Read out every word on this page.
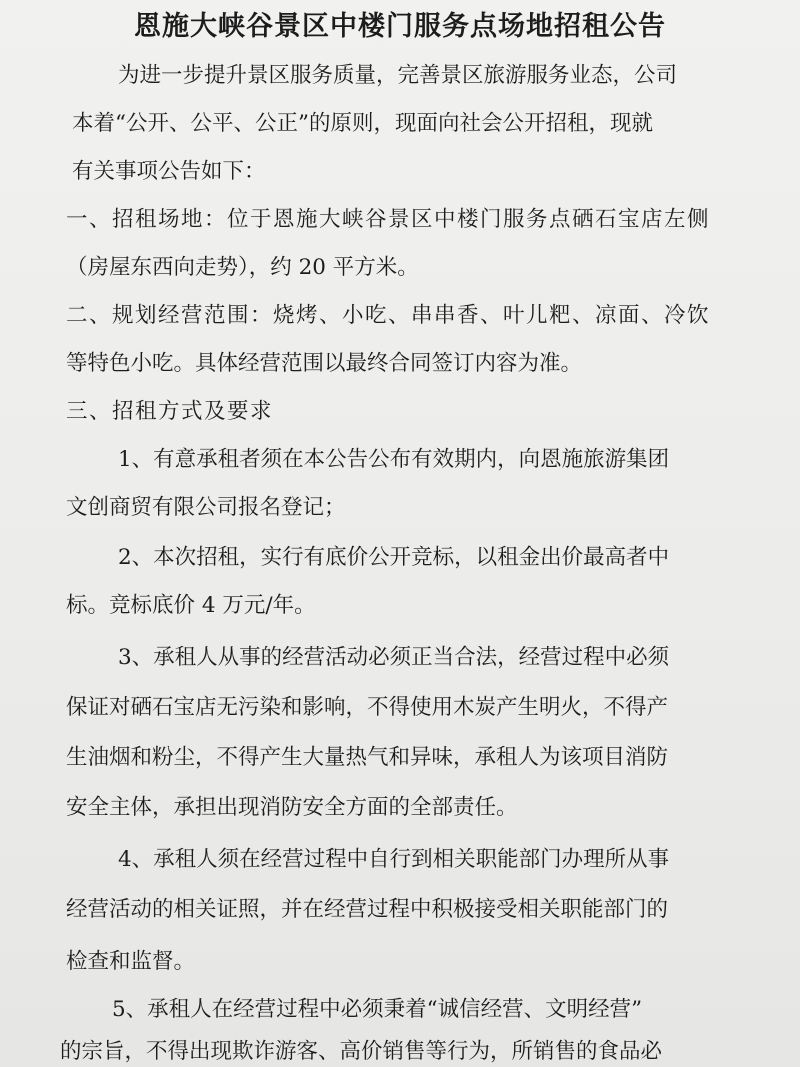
恩施大峡谷景区中楼门服务点场地招租公告
为进一步提升景区服务质量，完善景区旅游服务业态，公司
本着“公开、公平、公正”的原则，现面向社会公开招租，现就
有关事项公告如下：
一、招租场地：位于恩施大峡谷景区中楼门服务点硒石宝店左侧
（房屋东西向走势），约 20 平方米。
二、规划经营范围：烧烤、小吃、串串香、叶儿粑、凉面、冷饮
等特色小吃。具体经营范围以最终合同签订内容为准。
三、招租方式及要求
1、有意承租者须在本公告公布有效期内，向恩施旅游集团
文创商贸有限公司报名登记；
2、本次招租，实行有底价公开竞标，以租金出价最高者中
标。竞标底价 4 万元/年。
3、承租人从事的经营活动必须正当合法，经营过程中必须
保证对硒石宝店无污染和影响，不得使用木炭产生明火，不得产
生油烟和粉尘，不得产生大量热气和异味，承租人为该项目消防
安全主体，承担出现消防安全方面的全部责任。
4、承租人须在经营过程中自行到相关职能部门办理所从事
经营活动的相关证照，并在经营过程中积极接受相关职能部门的
检查和监督。
5、承租人在经营过程中必须秉着“诚信经营、文明经营”
的宗旨，不得出现欺诈游客、高价销售等行为，所销售的食品必
